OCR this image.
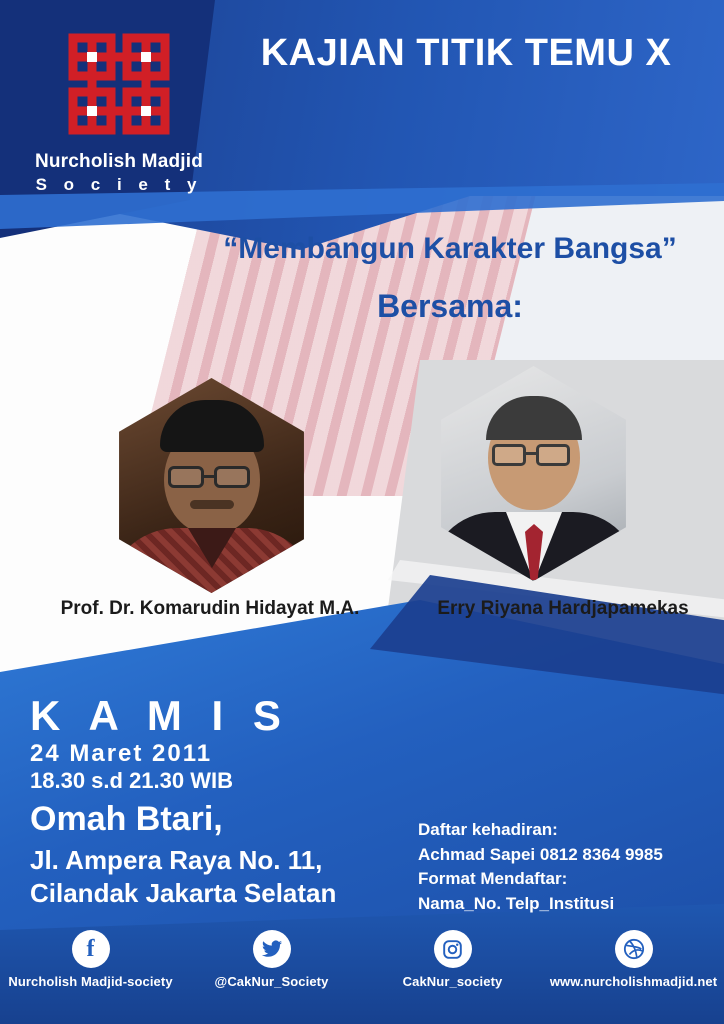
Nurcholish Madjid
S o c i e t y
KAJIAN TITIK TEMU X
“Membangun Karakter Bangsa”
Bersama:
Prof. Dr. Komarudin Hidayat M.A.	Erry Riyana Hardjapamekas
K A M I S
24 Maret 2011
18.30 s.d 21.30 WIB
Omah Btari,
Jl. Ampera Raya No. 11,
Cilandak Jakarta Selatan
Daftar kehadiran:
Achmad Sapei 0812 8364 9985
Format Mendaftar:
Nama_No. Telp_Institusi
f
Nurcholish Madjid-society	@CakNur_Society	CakNur_society	www.nurcholishmadjid.net
